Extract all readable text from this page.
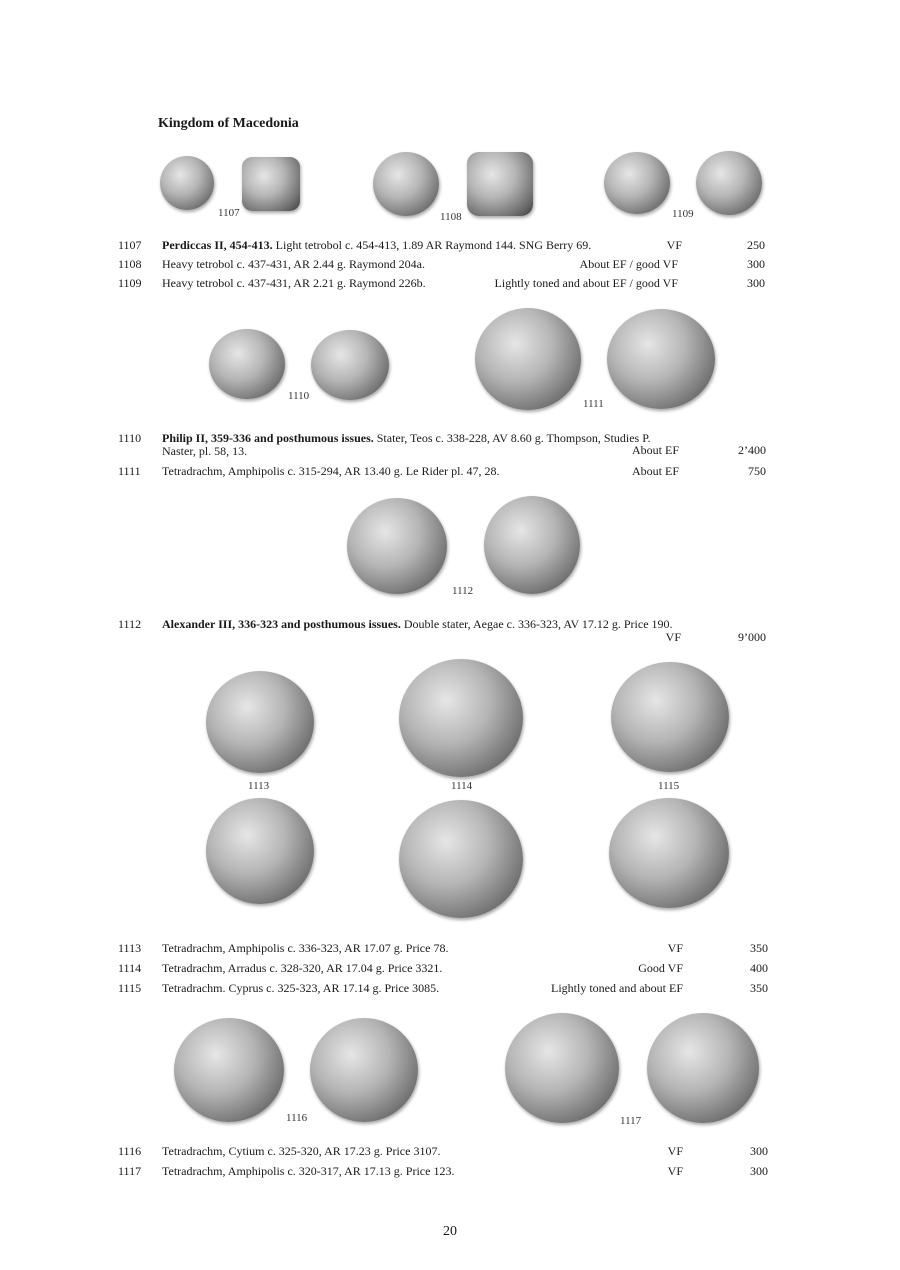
Kingdom of Macedonia
1107	1108	1109
1107 Perdiccas II, 454-413. Light tetrobol c. 454-413, 1.89 AR Raymond 144. SNG Berry 69.	VF	250
1108 Heavy tetrobol c. 437-431, AR 2.44 g. Raymond 204a.	About EF / good VF	300
1109 Heavy tetrobol c. 437-431, AR 2.21 g. Raymond 226b.	Lightly toned and about EF / good VF	300
1110
1111
1110 Philip II, 359-336 and posthumous issues. Stater, Teos c. 338-228, AV 8.60 g. Thompson, Studies P.
Naster, pl. 58, 13.	About EF	2’400
1111 Tetradrachm, Amphipolis c. 315-294, AR 13.40 g. Le Rider pl. 47, 28.	About EF	750
1112
1112 Alexander III, 336-323 and posthumous issues. Double stater, Aegae c. 336-323, AV 17.12 g. Price 190.
VF	9’000
1113	1114	1115
1113 Tetradrachm, Amphipolis c. 336-323, AR 17.07 g. Price 78.	VF	350
1114 Tetradrachm, Arradus c. 328-320, AR 17.04 g. Price 3321.	Good VF	400
1115 Tetradrachm. Cyprus c. 325-323, AR 17.14 g. Price 3085.	Lightly toned and about EF	350
1116	1117
1116 Tetradrachm, Cytium c. 325-320, AR 17.23 g. Price 3107.	VF	300
1117 Tetradrachm, Amphipolis c. 320-317, AR 17.13 g. Price 123.	VF	300
20
